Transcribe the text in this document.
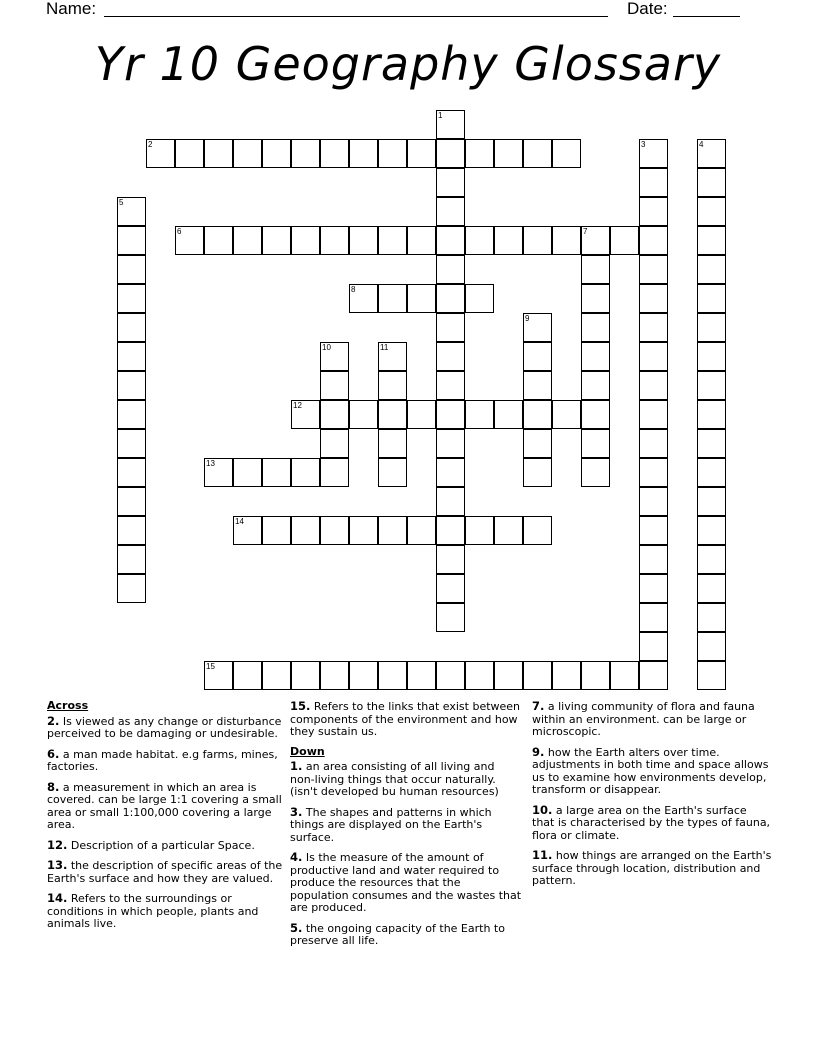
Name:	Date:
Yr 10 Geography Glossary
1
2	3	4
5
6	7
8
9
10	11
12
13
14
15
Across
2. Is viewed as any change or disturbance perceived to be damaging or undesirable.
6. a man made habitat. e.g farms, mines, factories.
8. a measurement in which an area is covered. can be large 1:1 covering a small area or small 1:100,000 covering a large area.
12. Description of a particular Space.
13. the description of specific areas of the Earth's surface and how they are valued.
14. Refers to the surroundings or conditions in which people, plants and animals live.
15. Refers to the links that exist between components of the environment and how they sustain us.
Down
1. an area consisting of all living and non-living things that occur naturally. (isn't developed bu human resources)
3. The shapes and patterns in which things are displayed on the Earth's surface.
4. Is the measure of the amount of productive land and water required to produce the resources that the population consumes and the wastes that are produced.
5. the ongoing capacity of the Earth to preserve all life.
7. a living community of flora and fauna within an environment. can be large or microscopic.
9. how the Earth alters over time. adjustments in both time and space allows us to examine how environments develop, transform or disappear.
10. a large area on the Earth's surface that is characterised by the types of fauna, flora or climate.
11. how things are arranged on the Earth's surface through location, distribution and pattern.
